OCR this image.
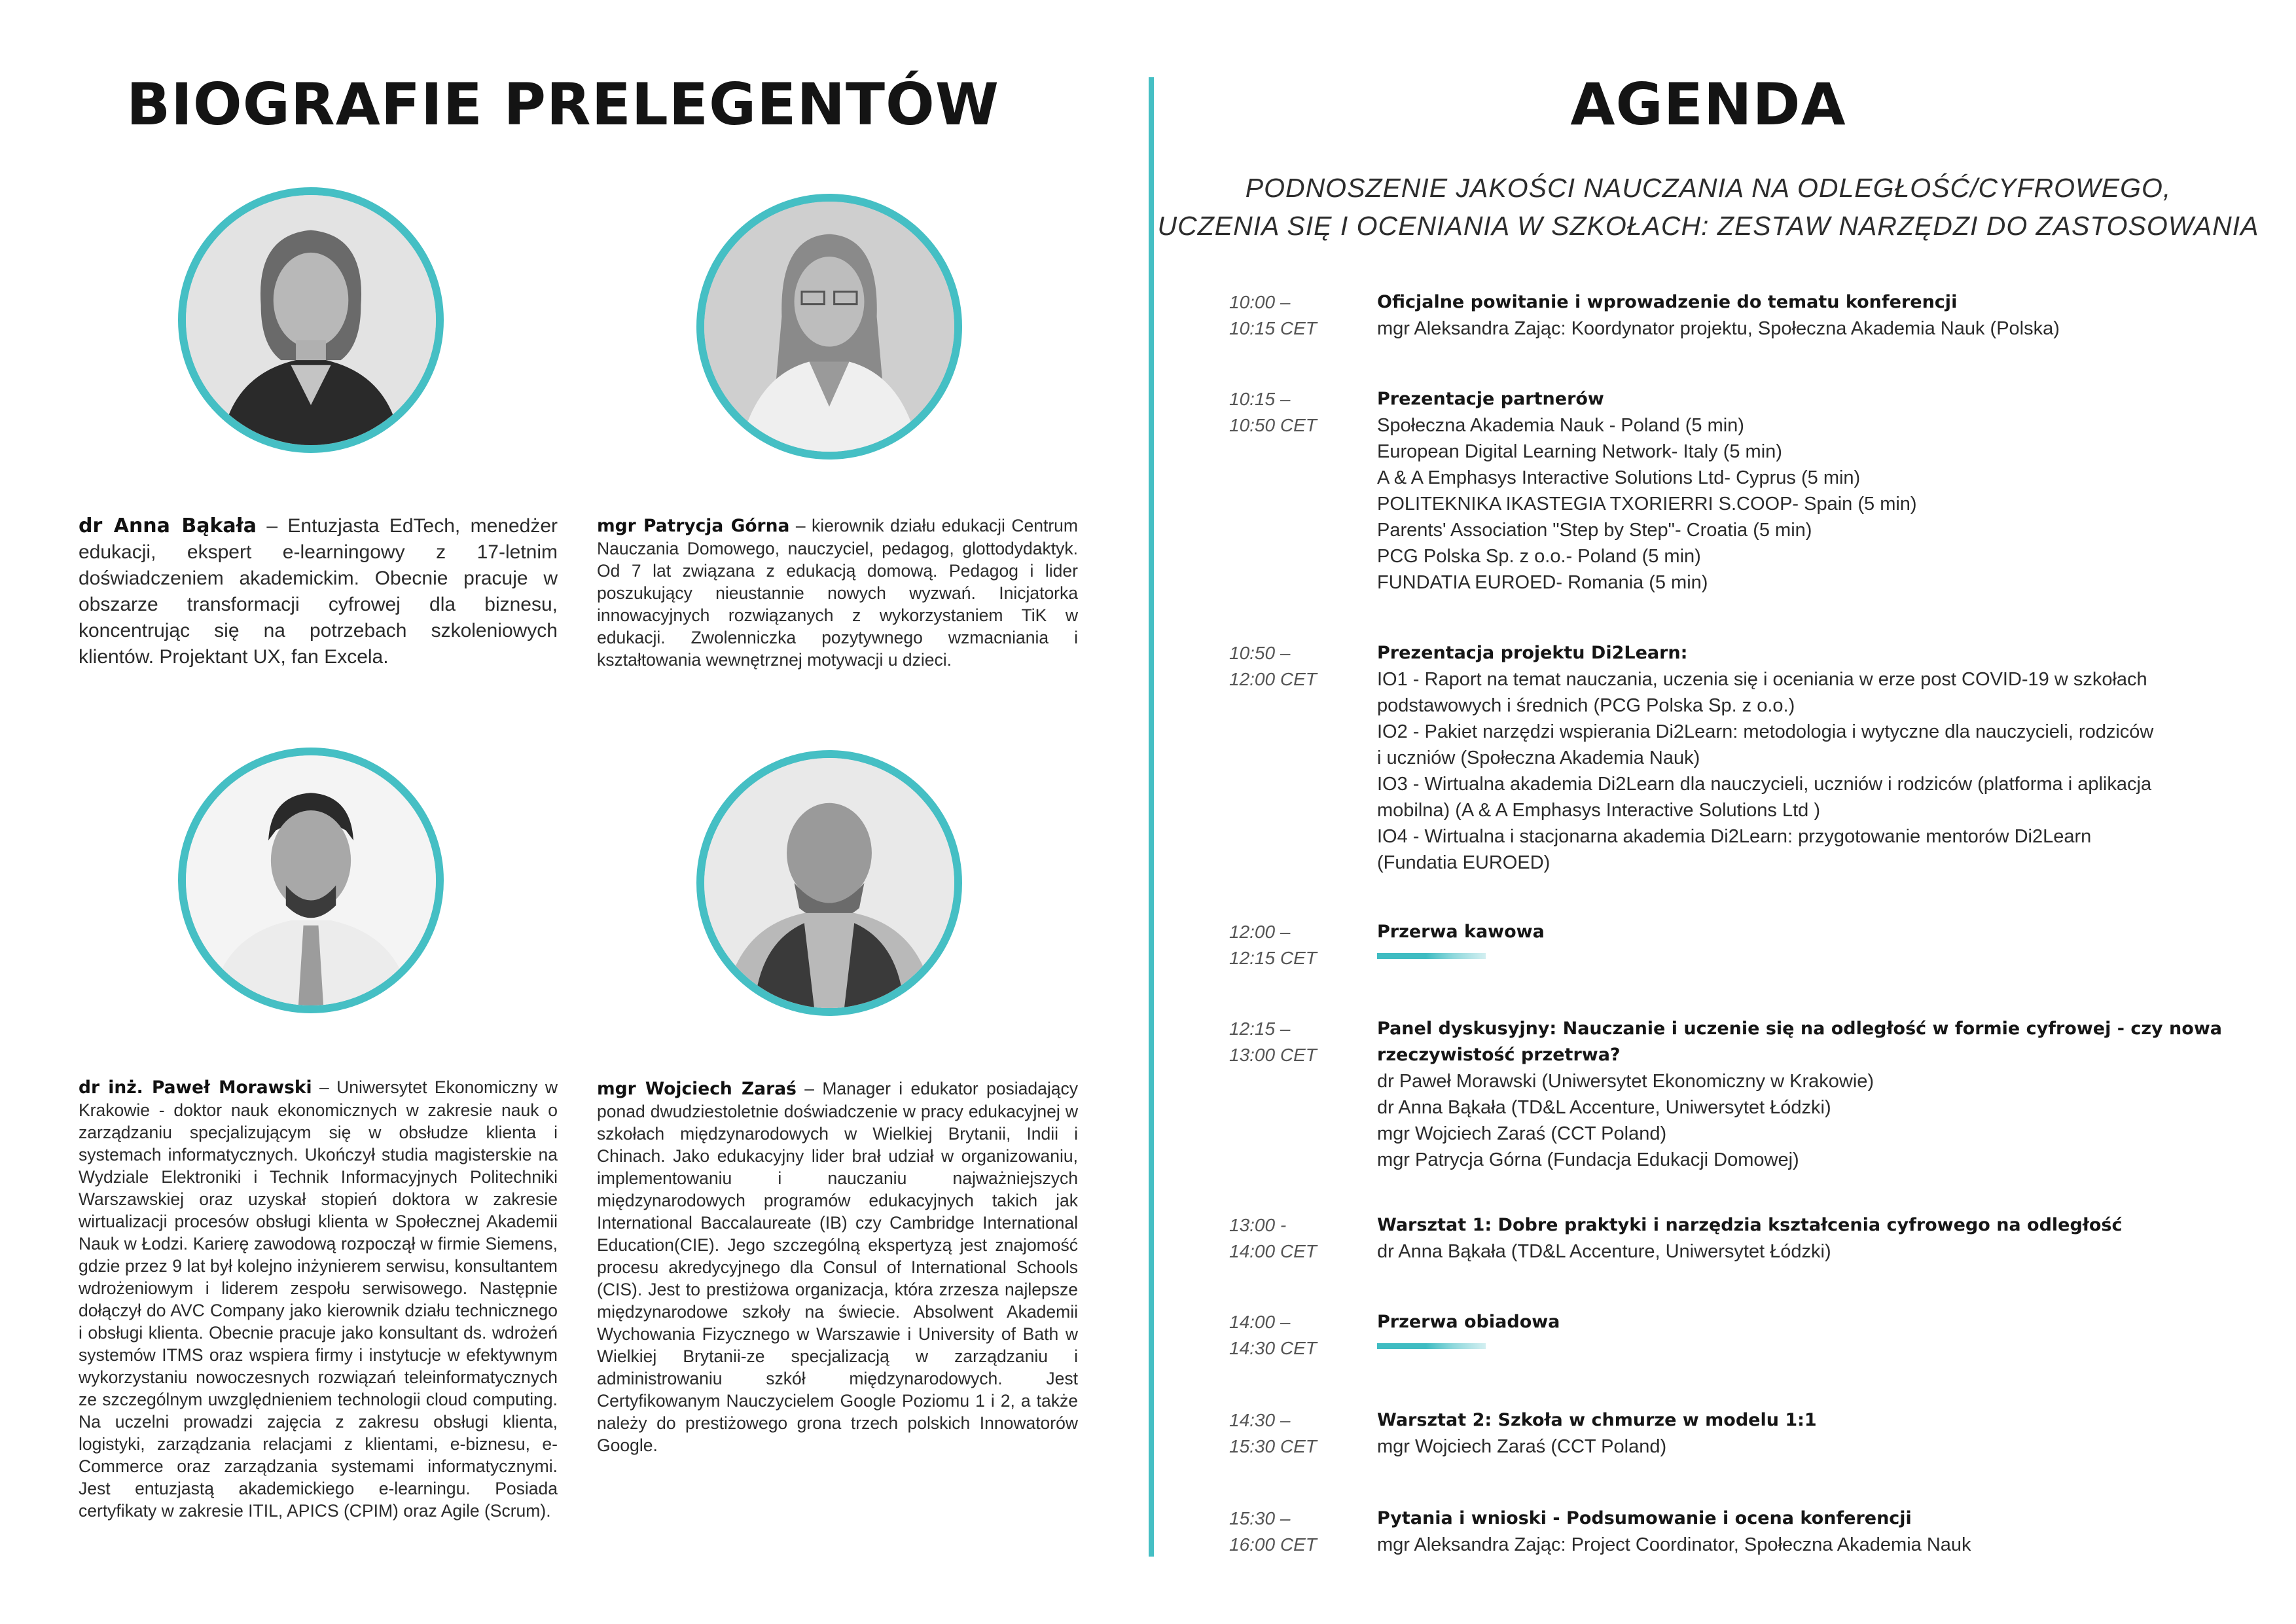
BIOGRAFIE PRELEGENTÓW	AGENDA

dr Anna Bąkała – Entuzjasta EdTech, menedżer edukacji, ekspert e-learningowy z 17-letnim doświadczeniem akademickim. Obecnie pracuje w obszarze transformacji cyfrowej dla biznesu, koncentrując się na potrzebach szkoleniowych klientów. Projektant UX, fan Excela.

mgr Patrycja Górna – kierownik działu edukacji Centrum Nauczania Domowego, nauczyciel, pedagog, glottodydaktyk. Od 7 lat związana z edukacją domową. Pedagog i lider poszukujący nieustannie nowych wyzwań. Inicjatorka innowacyjnych rozwiązanych z wykorzystaniem TiK w edukacji. Zwolenniczka pozytywnego wzmacniania i kształtowania wewnętrznej motywacji u dzieci.

dr inż. Paweł Morawski – Uniwersytet Ekonomiczny w Krakowie - doktor nauk ekonomicznych w zakresie nauk o zarządzaniu specjalizującym się w obsłudze klienta i systemach informatycznych. Ukończył studia magisterskie na Wydziale Elektroniki i Technik Informacyjnych Politechniki Warszawskiej oraz uzyskał stopień doktora w zakresie wirtualizacji procesów obsługi klienta w Społecznej Akademii Nauk w Łodzi. Karierę zawodową rozpoczął w firmie Siemens, gdzie przez 9 lat był kolejno inżynierem serwisu, konsultantem wdrożeniowym i liderem zespołu serwisowego. Następnie dołączył do AVC Company jako kierownik działu technicznego i obsługi klienta. Obecnie pracuje jako konsultant ds. wdrożeń systemów ITMS oraz wspiera firmy i instytucje w efektywnym wykorzystaniu nowoczesnych rozwiązań teleinformatycznych ze szczególnym uwzględnieniem technologii cloud computing. Na uczelni prowadzi zajęcia z zakresu obsługi klienta, logistyki, zarządzania relacjami z klientami, e-biznesu, e-Commerce oraz zarządzania systemami informatycznymi. Jest entuzjastą akademickiego e-learningu. Posiada certyfikaty w zakresie ITIL, APICS (CPIM) oraz Agile (Scrum).

mgr Wojciech Zaraś – Manager i edukator posiadający ponad dwudziestoletnie doświadczenie w pracy edukacyjnej w szkołach międzynarodowych w Wielkiej Brytanii, Indii i Chinach. Jako edukacyjny lider brał udział w organizowaniu, implementowaniu i nauczaniu najważniejszych międzynarodowych programów edukacyjnych takich jak International Baccalaureate (IB) czy Cambridge International Education(CIE). Jego szczególną ekspertyzą jest znajomość procesu akredycyjnego dla Consul of International Schools (CIS). Jest to prestiżowa organizacja, która zrzesza najlepsze międzynarodowe szkoły na świecie. Absolwent Akademii Wychowania Fizycznego w Warszawie i University of Bath w Wielkiej Brytanii-ze specjalizacją w zarządzaniu i administrowaniu szkół międzynarodowych. Jest Certyfikowanym Nauczycielem Google Poziomu 1 i 2, a także należy do prestiżowego grona trzech polskich Innowatorów Google.

PODNOSZENIE JAKOŚCI NAUCZANIA NA ODLEGŁOŚĆ/CYFROWEGO,
UCZENIA SIĘ I OCENIANIA W SZKOŁACH: ZESTAW NARZĘDZI DO ZASTOSOWANIA
10:00 –
10:15 CET
Oficjalne powitanie i wprowadzenie do tematu konferencji
mgr Aleksandra Zając: Koordynator projektu, Społeczna Akademia Nauk (Polska)
10:15 –
10:50 CET
Prezentacje partnerów
Społeczna Akademia Nauk - Poland (5 min)
European Digital Learning Network- Italy (5 min)
A & A Emphasys Interactive Solutions Ltd- Cyprus (5 min)
POLITEKNIKA IKASTEGIA TXORIERRI S.COOP- Spain (5 min)
Parents' Association "Step by Step"- Croatia (5 min)
PCG Polska Sp. z o.o.- Poland (5 min)
FUNDATIA EUROED- Romania (5 min)
10:50 –
12:00 CET
Prezentacja projektu Di2Learn:
IO1 - Raport na temat nauczania, uczenia się i oceniania w erze post COVID-19 w szkołach
podstawowych i średnich (PCG Polska Sp. z o.o.)
IO2 - Pakiet narzędzi wspierania Di2Learn: metodologia i wytyczne dla nauczycieli, rodziców
i uczniów (Społeczna Akademia Nauk)
IO3 - Wirtualna akademia Di2Learn dla nauczycieli, uczniów i rodziców (platforma i aplikacja
mobilna) (A & A Emphasys Interactive Solutions Ltd )
IO4 - Wirtualna i stacjonarna akademia Di2Learn: przygotowanie mentorów Di2Learn
(Fundatia EUROED)
12:00 –
12:15 CET
Przerwa kawowa
12:15 –
13:00 CET
Panel dyskusyjny: Nauczanie i uczenie się na odległość w formie cyfrowej - czy nowa
rzeczywistość przetrwa?
dr Paweł Morawski (Uniwersytet Ekonomiczny w Krakowie)
dr Anna Bąkała (TD&L Accenture, Uniwersytet Łódzki)
mgr Wojciech Zaraś (CCT Poland)
mgr Patrycja Górna (Fundacja Edukacji Domowej)
13:00 -
14:00 CET
Warsztat 1: Dobre praktyki i narzędzia kształcenia cyfrowego na odległość
dr Anna Bąkała (TD&L Accenture, Uniwersytet Łódzki)
14:00 –
14:30 CET
Przerwa obiadowa
14:30 –
15:30 CET
Warsztat 2: Szkoła w chmurze w modelu 1:1
mgr Wojciech Zaraś (CCT Poland)
15:30 –
16:00 CET
Pytania i wnioski - Podsumowanie i ocena konferencji
mgr Aleksandra Zając: Project Coordinator, Społeczna Akademia Nauk
